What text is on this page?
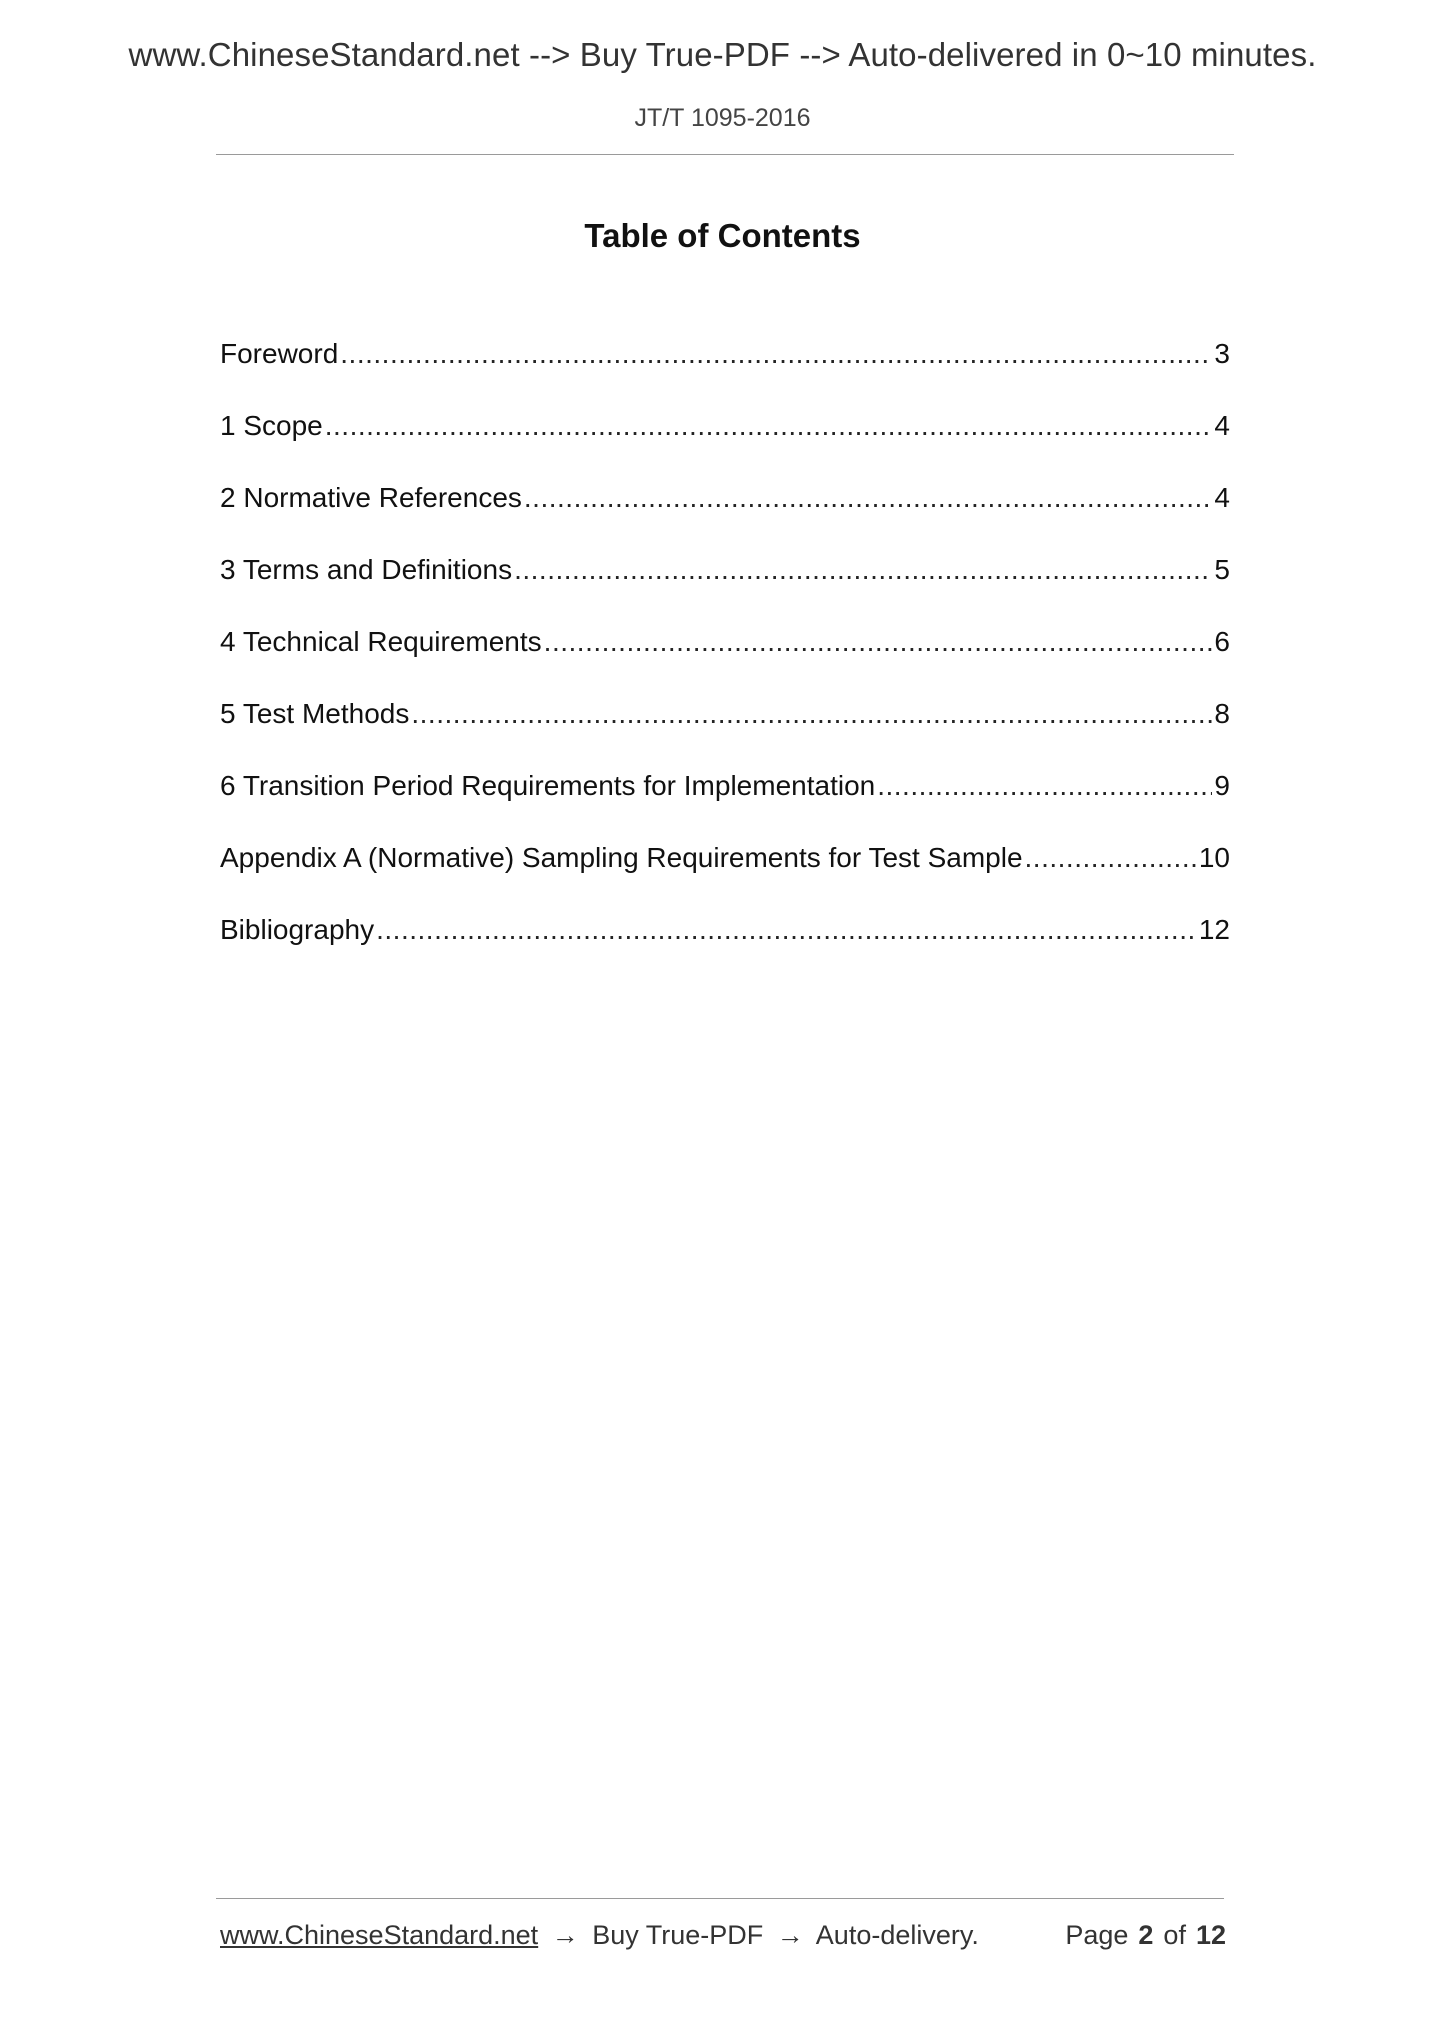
www.ChineseStandard.net --> Buy True-PDF --> Auto-delivered in 0~10 minutes.
JT/T 1095-2016
Table of Contents
Foreword .....	3
1 Scope .....	4
2 Normative References .....	4
3 Terms and Definitions .....	5
4 Technical Requirements .....	6
5 Test Methods .....	8
6 Transition Period Requirements for Implementation .....	9
Appendix A (Normative) Sampling Requirements for Test Sample .....	10
Bibliography .....	12
www.ChineseStandard.net → Buy True-PDF → Auto-delivery.	Page 2 of 12
